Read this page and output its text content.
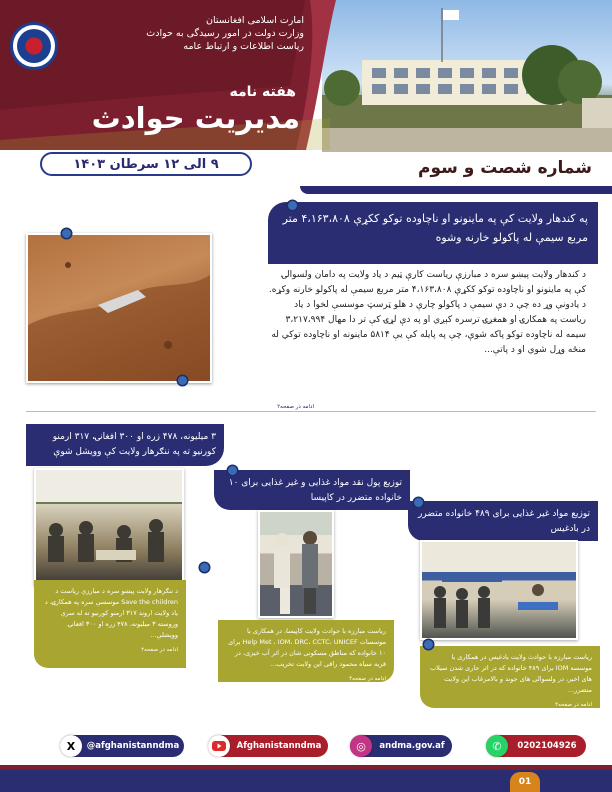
امارت اسلامی افغانستان
وزارت دولت در امور رسیدگی به حوادث
ریاست اطلاعات و ارتباط عامه
هفته نامه
مدیریت حوادث
۹ الی ۱۲ سرطان ۱۴۰۳	شماره شصت و سوم
په کندهار ولایت کې په ماینونو او ناچاوده توکو ککړې ۴،۱۶۳،۸۰۸ متر مربع سیمې له پاکولو خارنه وشوه
د کندهار ولایت پیښو سره د مبارزې ریاست کارې ټیم د یاد ولایت په دامان ولسوالۍ کې په ماینونو او ناچاوده توکو ککړې ۴،۱۶۳،۸۰۸ متر مربع سیمې له پاکولو خارنه وکړه. د یادونې وړ ده چې د دې سیمې د پاکولو چارې د هلو ټرسټ موسسې لخوا د یاد ریاست په همکارۍ او همغږۍ ترسره کېږي او په دې لړۍ کې تر دا مهال ۳،۲۱۷،۹۹۴ سیمه له ناچاوده توکو پاکه شوې، چې په پایله کې یې ۵۸۱۴ ماینونه او ناچاوده توکي له منځه وړل شوي او د پاتې...
ادامه در صفحه۲
۳ میلیونه، ۴۷۸ زره او ۳۰۰ افغانۍ، ۳۱۷ ارمنو کورنیو ته په ننګرهار ولایت کې وویشل شوې
د ننګرهار ولایت پیښو سره د مبارزې ریاست د Save the children موسسې سره په همکارۍ، د یاد ولایت اروند ۳۱۷ ارمنو کورنیو ته له سرې وروسته ۳ میلیونه، ۴۷۸ زره او ۳۰۰ افغانۍ وویشلې...
ادامه در صفحه۲
توزیع پول نقد مواد غذایی و غیر غذایی برای ۱۰ خانواده متضرر در کاپیسا
ریاست مبارزه با حوادث ولایت کاپیسا، در همکاری با موسسات Help Met ، IOM، DRC، CCTC، UNICEF برای ۱۰ خانواده که مناطق مسکونی شان در اثر آب خیزی، در قریه سیاه محمود راقی این ولایت تخریب...
ادامه در صفحه۴
توزیع مواد غیر غذایی برای ۴۸۹ خانواده متضرر در بادغیس
ریاست مبارزه با حوادث ولایت بادغیس در همکاری با موسسه IOM برای ۴۸۹ خانواده که در اثر جاری شدن سیلاب های اخیر، در ولسوالی های جوند و بالامرغاب این ولایت متضرر...
ادامه در صفحه۴
X	@afghanistanndma	Afghanistanndma	◎	andma.gov.af	✆	0202104926
01
